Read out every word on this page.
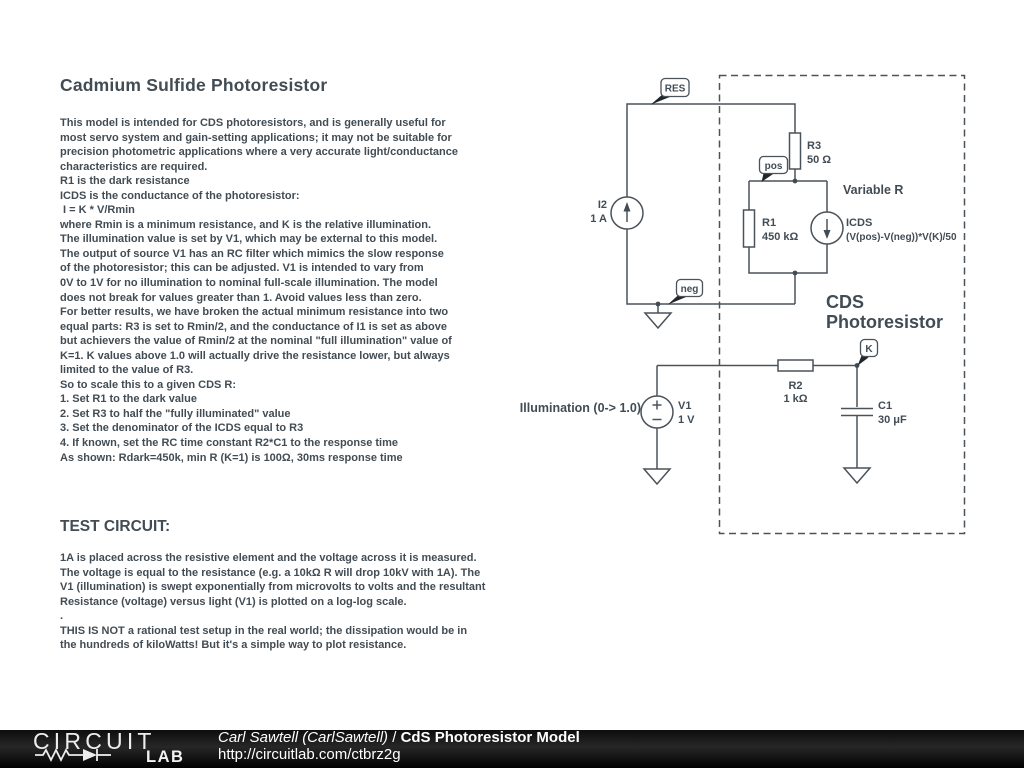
Cadmium Sulfide Photoresistor
This model is intended for CDS photoresistors, and is generally useful for
most servo system and gain-setting applications; it may not be suitable for
precision photometric applications where a very accurate light/conductance
characteristics are required.
R1 is the dark resistance
ICDS is the conductance of the photoresistor:
I = K * V/Rmin
where Rmin is a minimum resistance, and K is the relative illumination.
The illumination value is set by V1, which may be external to this model.
The output of source V1 has an RC filter which mimics the slow response
of the photoresistor; this can be adjusted. V1 is intended to vary from
0V to 1V for no illumination to nominal full-scale illumination. The model
does not break for values greater than 1. Avoid values less than zero.
For better results, we have broken the actual minimum resistance into two
equal parts: R3 is set to Rmin/2, and the conductance of I1 is set as above
but achievers the value of Rmin/2 at the nominal "full illumination" value of
K=1. K values above 1.0 will actually drive the resistance lower, but always
limited to the value of R3.
So to scale this to a given CDS R:
1. Set R1 to the dark value
2. Set R3 to half the "fully illuminated" value
3. Set the denominator of the ICDS equal to R3
4. If known, set the RC time constant R2*C1 to the response time
As shown: Rdark=450k, min R (K=1) is 100Ω, 30ms response time
TEST CIRCUIT:
1A is placed across the resistive element and the voltage across it is measured.
The voltage is equal to the resistance (e.g. a 10kΩ R will drop 10kV with 1A). The
V1 (illumination) is swept exponentially from microvolts to volts and the resultant
Resistance (voltage) versus light (V1) is plotted on a log-log scale.
.
THIS IS NOT a rational test setup in the real world; the dissipation would be in
the hundreds of kiloWatts! But it's a simple way to plot resistance.
I2
1 A
R3
50 Ω
R1
450 kΩ
ICDS
(V(pos)-V(neg))*V(K)/50
V1
1 V
R2
1 kΩ
C1
30 μF
RES
pos
neg
K
Variable R
CDS
Photoresistor
Illumination (0-> 1.0)
CIRCUIT
LAB
Carl Sawtell (CarlSawtell) / CdS Photoresistor Model
http://circuitlab.com/ctbrz2g
